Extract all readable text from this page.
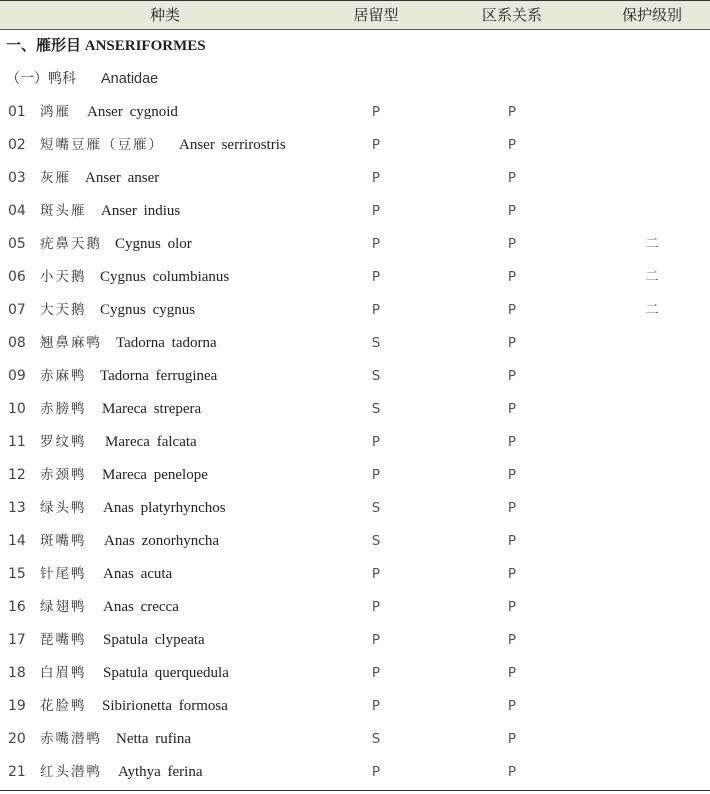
种类	居留型	区系关系	保护级别
一、雁形目 ANSERIFORMES
（一）鸭科 Anatidae
01 鸿雁 Anser cygnoid	P	P
02 短嘴豆雁（豆雁） Anser serrirostris	P	P
03 灰雁 Anser anser	P	P
04 斑头雁 Anser indius	P	P
05 疣鼻天鹅 Cygnus olor	P	P	二
06 小天鹅 Cygnus columbianus	P	P	二
07 大天鹅 Cygnus cygnus	P	P	二
08 翘鼻麻鸭 Tadorna tadorna	S	P
09 赤麻鸭 Tadorna ferruginea	S	P
10 赤膀鸭 Mareca strepera	S	P
11 罗纹鸭 Mareca falcata	P	P
12 赤颈鸭 Mareca penelope	P	P
13 绿头鸭 Anas platyrhynchos	S	P
14 斑嘴鸭 Anas zonorhyncha	S	P
15 针尾鸭 Anas acuta	P	P
16 绿翅鸭 Anas crecca	P	P
17 琵嘴鸭 Spatula clypeata	P	P
18 白眉鸭 Spatula querquedula	P	P
19 花脸鸭 Sibirionetta formosa	P	P
20 赤嘴潜鸭 Netta rufina	S	P
21 红头潜鸭 Aythya ferina	P	P
